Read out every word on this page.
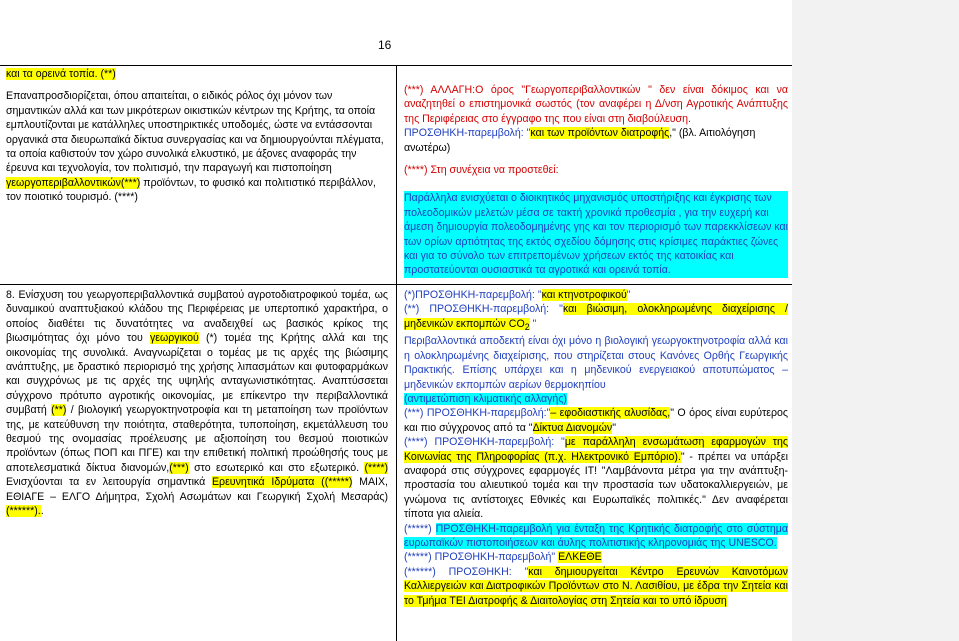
16

και τα ορεινά τοπία. (**)

Επαναπροσδιορίζεται, όπου απαιτείται, ο ειδικός ρόλος όχι μόνον των σημαντικών αλλά και των μικρότερων οικιστικών κέντρων της Κρήτης, τα οποία εμπλουτίζονται με κατάλληλες υποστηρικτικές υποδομές, ώστε να εντάσσονται οργανικά στα διευρωπαϊκά δίκτυα συνεργασίας και να δημιουργούνται πλέγματα, τα οποία καθιστούν τον χώρο συνολικά ελκυστικό, με άξονες αναφοράς την έρευνα και τεχνολογία, τον πολιτισμό, την παραγωγή και πιστοποίηση γεωργοπεριβαλλοντικών(***) προϊόντων, το φυσικό και πολιτιστικό περιβάλλον, τον ποιοτικό τουρισμό. (****)

(***) ΑΛΛΑΓΗ:Ο όρος "Γεωργοπεριβαλλοντικών " δεν είναι δόκιμος και να αναζητηθεί ο επιστημονικά σωστός (τον αναφέρει η Δ/νση Αγροτικής Ανάπτυξης της Περιφέρειας στο έγγραφο της που είναι στη διαβούλευση.

ΠΡΟΣΘΗΚΗ-παρεμβολή: "και των προϊόντων διατροφής," (βλ. Αιτιολόγηση ανωτέρω)

(****) Στη συνέχεια να προστεθεί:

Παράλληλα ενισχύεται ο διοικητικός μηχανισμός υποστήριξης και έγκρισης των πολεοδομικών μελετών μέσα σε τακτή χρονικά προθεσμία , για την ευχερή και άμεση δημιουργία πολεοδομημένης γης και τον περιορισμό των παρεκκλίσεων και των ορίων αρτιότητας της εκτός σχεδίου δόμησης στις κρίσιμες παράκτιες ζώνες και για το σύνολο των επιτρεπομένων χρήσεων εκτός της κατοικίας και προστατεύονται ουσιαστικά τα αγροτικά και ορεινά τοπία.

8. Ενίσχυση του γεωργοπεριβαλλοντικά συμβατού αγροτοδιατροφικού τομέα, ως δυναμικού αναπτυξιακού κλάδου της Περιφέρειας με υπερτοπικό χαρακτήρα, ο οποίος διαθέτει τις δυνατότητες να αναδειχθεί ως βασικός κρίκος της βιωσιμότητας όχι μόνο του γεωργικού (*) τομέα της Κρήτης αλλά και της οικονομίας της συνολικά. Αναγνωρίζεται ο τομέας με τις αρχές της βιώσιμης ανάπτυξης, με δραστικό περιορισμό της χρήσης λιπασμάτων και φυτοφαρμάκων και συγχρόνως με τις αρχές της υψηλής ανταγωνιστικότητας. Αναπτύσσεται σύγχρονο πρότυπο αγροτικής οικονομίας, με επίκεντρο την περιβαλλοντικά συμβατή (**) / βιολογική γεωργοκτηνοτροφία και τη μεταποίηση των προϊόντων της, με κατεύθυνση την ποιότητα, σταθερότητα, τυποποίηση, εκμετάλλευση του θεσμού της ονομασίας προέλευσης με αξιοποίηση του θεσμού ποιοτικών προϊόντων (όπως ΠΟΠ και ΠΓΕ) και την επιθετική πολιτική προώθησής τους με αποτελεσματικά δίκτυα διανομών,(***) στο εσωτερικό και στο εξωτερικό. (****) Ενισχύονται τα εν λειτουργία σημαντικά Ερευνητικά Ιδρύματα ((*****) ΜΑΙΧ, ΕΘΙΑΓΕ – ΕΛΓΟ Δήμητρα, Σχολή Ασωμάτων και Γεωργική Σχολή Μεσαράς) (******)..

(*)ΠΡΟΣΘΗΚΗ-παρεμβολή: "και κτηνοτροφικού"

(**) ΠΡΟΣΘΗΚΗ-παρεμβολή: "και βιώσιμη, ολοκληρωμένης διαχείρισης / μηδενικών εκπομπών $CO_2$ "

Περιβαλλοντικά αποδεκτή είναι όχι μόνο η βιολογική γεωργοκτηνοτροφία αλλά και η ολοκληρωμένης διαχείρισης, που στηρίζεται στους Κανόνες Ορθής Γεωργικής Πρακτικής. Επίσης υπάρχει και η μηδενικού ενεργειακού αποτυπώματος – μηδενικών εκπομπών αερίων θερμοκηπίου

(αντιμετώπιση κλιματικής αλλαγής)

(***) ΠΡΟΣΘΗΚΗ-παρεμβολή:"– εφοδιαστικής αλυσίδας," Ο όρος είναι ευρύτερος και πιο σύγχρονος από τα "Δίκτυα Διανομών"

(****) ΠΡΟΣΘΗΚΗ-παρεμβολή: "με παράλληλη ενσωμάτωση εφαρμογών της Κοινωνίας της Πληροφορίας (π.χ. Ηλεκτρονικό Εμπόριο)." - πρέπει να υπάρξει αναφορά στις σύγχρονες εφαρμογές ΙΤ! "Λαμβάνοντα μέτρα για την ανάπτυξη-προστασία του αλιευτικού τομέα και την προστασία των υδατοκαλλιεργειών, με γνώμονα τις αντίστοιχες Εθνικές και Ευρωπαϊκές πολιτικές." Δεν αναφέρεται τίποτα για αλιεία.

(*****) ΠΡΟΣΘΗΚΗ-παρεμβολή για ένταξη της Κρητικής διατροφής στο σύστημα ευρωπαϊκών πιστοποιήσεων και άυλης πολιτιστικής κληρονομιάς της UNESCO.

(*****) ΠΡΟΣΘΗΚΗ-παρεμβολή" ΕΛΚΕΘΕ

(******) ΠΡΟΣΘΗΚΗ: "και δημιουργείται Κέντρο Ερευνών Καινοτόμων Καλλιεργειών και Διατροφικών Προϊόντων στο Ν. Λασιθίου, με έδρα την Σητεία και το Τμήμα ΤΕΙ Διατροφής & Διαιτολογίας στη Σητεία και το υπό ίδρυση
